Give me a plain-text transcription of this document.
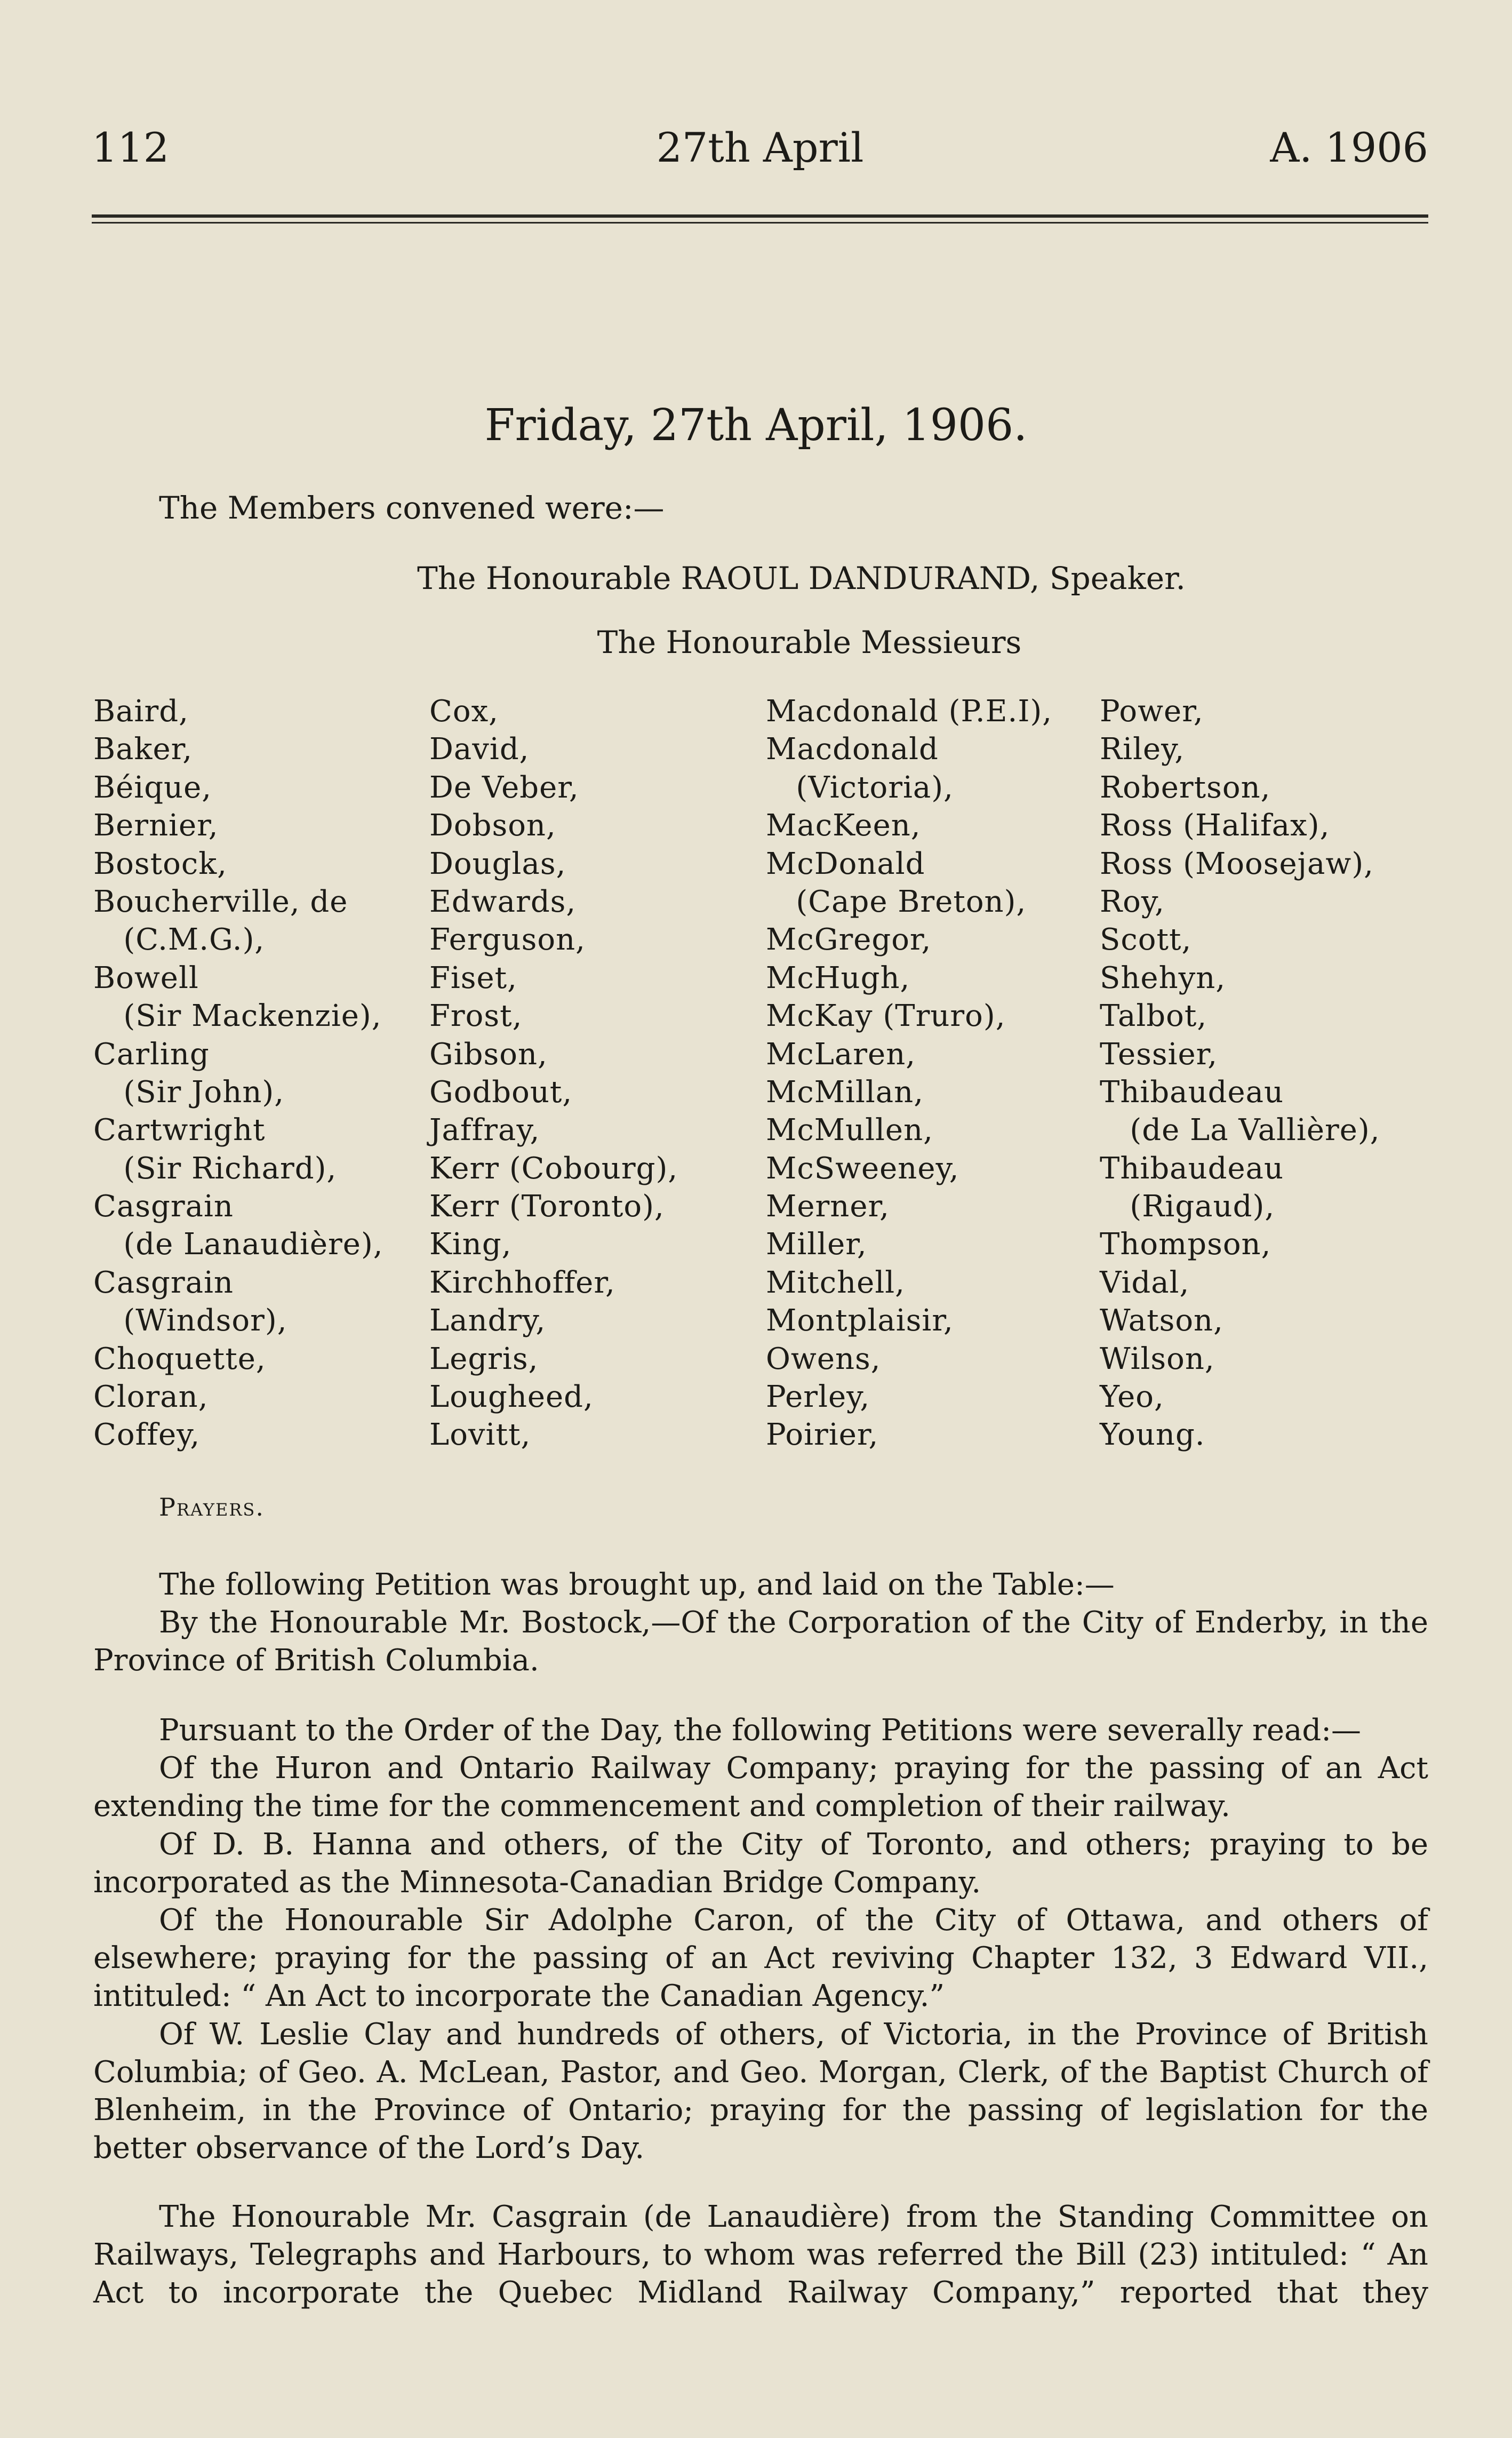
112	27th April	A. 1906
Friday, 27th April, 1906.
The Members convened were:—
The Honourable RAOUL DANDURAND, Speaker.
The Honourable Messieurs
Baird,
Baker,
Béique,
Bernier,
Bostock,
Boucherville, de
(C.M.G.),
Bowell
(Sir Mackenzie),
Carling
(Sir John),
Cartwright
(Sir Richard),
Casgrain
(de Lanaudière),
Casgrain
(Windsor),
Choquette,
Cloran,
Coffey,
Cox,
David,
De Veber,
Dobson,
Douglas,
Edwards,
Ferguson,
Fiset,
Frost,
Gibson,
Godbout,
Jaffray,
Kerr (Cobourg),
Kerr (Toronto),
King,
Kirchhoffer,
Landry,
Legris,
Lougheed,
Lovitt,
Macdonald (P.E.I),
Macdonald
(Victoria),
MacKeen,
McDonald
(Cape Breton),
McGregor,
McHugh,
McKay (Truro),
McLaren,
McMillan,
McMullen,
McSweeney,
Merner,
Miller,
Mitchell,
Montplaisir,
Owens,
Perley,
Poirier,
Power,
Riley,
Robertson,
Ross (Halifax),
Ross (Moosejaw),
Roy,
Scott,
Shehyn,
Talbot,
Tessier,
Thibaudeau
(de La Vallière),
Thibaudeau
(Rigaud),
Thompson,
Vidal,
Watson,
Wilson,
Yeo,
Young.
Prayers.

The following Petition was brought up, and laid on the Table:—

By the Honourable Mr. Bostock,—Of the Corporation of the City of Enderby, in the Province of British Columbia.

Pursuant to the Order of the Day, the following Petitions were severally read:—

Of the Huron and Ontario Railway Company; praying for the passing of an Act extending the time for the commencement and completion of their railway.

Of D. B. Hanna and others, of the City of Toronto, and others; praying to be incorporated as the Minnesota-Canadian Bridge Company.

Of the Honourable Sir Adolphe Caron, of the City of Ottawa, and others of elsewhere; praying for the passing of an Act reviving Chapter 132, 3 Edward VII., intituled: “ An Act to incorporate the Canadian Agency.”

Of W. Leslie Clay and hundreds of others, of Victoria, in the Province of British Columbia; of Geo. A. McLean, Pastor, and Geo. Morgan, Clerk, of the Baptist Church of Blenheim, in the Province of Ontario; praying for the passing of legislation for the better observance of the Lord’s Day.

The Honourable Mr. Casgrain (de Lanaudière) from the Standing Committee on Railways, Telegraphs and Harbours, to whom was referred the Bill (23) intituled: “ An Act to incorporate the Quebec Midland Railway Company,” reported that they
